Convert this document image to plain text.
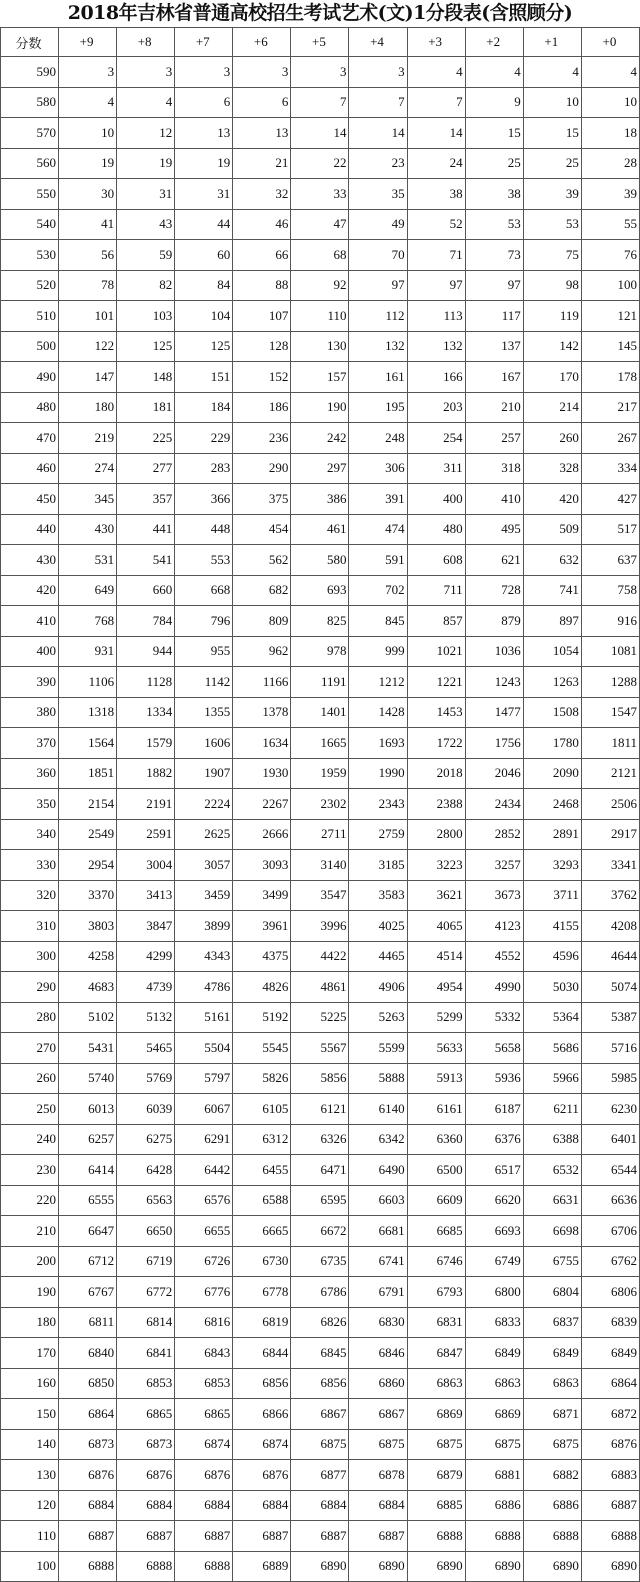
2018年吉林省普通高校招生考试艺术(文)1分段表(含照顾分)
分数	+9	+8	+7	+6	+5	+4	+3	+2	+1	+0
590	3	3	3	3	3	3	4	4	4	4
580	4	4	6	6	7	7	7	9	10	10
570	10	12	13	13	14	14	14	15	15	18
560	19	19	19	21	22	23	24	25	25	28
550	30	31	31	32	33	35	38	38	39	39
540	41	43	44	46	47	49	52	53	53	55
530	56	59	60	66	68	70	71	73	75	76
520	78	82	84	88	92	97	97	97	98	100
510	101	103	104	107	110	112	113	117	119	121
500	122	125	125	128	130	132	132	137	142	145
490	147	148	151	152	157	161	166	167	170	178
480	180	181	184	186	190	195	203	210	214	217
470	219	225	229	236	242	248	254	257	260	267
460	274	277	283	290	297	306	311	318	328	334
450	345	357	366	375	386	391	400	410	420	427
440	430	441	448	454	461	474	480	495	509	517
430	531	541	553	562	580	591	608	621	632	637
420	649	660	668	682	693	702	711	728	741	758
410	768	784	796	809	825	845	857	879	897	916
400	931	944	955	962	978	999	1021	1036	1054	1081
390	1106	1128	1142	1166	1191	1212	1221	1243	1263	1288
380	1318	1334	1355	1378	1401	1428	1453	1477	1508	1547
370	1564	1579	1606	1634	1665	1693	1722	1756	1780	1811
360	1851	1882	1907	1930	1959	1990	2018	2046	2090	2121
350	2154	2191	2224	2267	2302	2343	2388	2434	2468	2506
340	2549	2591	2625	2666	2711	2759	2800	2852	2891	2917
330	2954	3004	3057	3093	3140	3185	3223	3257	3293	3341
320	3370	3413	3459	3499	3547	3583	3621	3673	3711	3762
310	3803	3847	3899	3961	3996	4025	4065	4123	4155	4208
300	4258	4299	4343	4375	4422	4465	4514	4552	4596	4644
290	4683	4739	4786	4826	4861	4906	4954	4990	5030	5074
280	5102	5132	5161	5192	5225	5263	5299	5332	5364	5387
270	5431	5465	5504	5545	5567	5599	5633	5658	5686	5716
260	5740	5769	5797	5826	5856	5888	5913	5936	5966	5985
250	6013	6039	6067	6105	6121	6140	6161	6187	6211	6230
240	6257	6275	6291	6312	6326	6342	6360	6376	6388	6401
230	6414	6428	6442	6455	6471	6490	6500	6517	6532	6544
220	6555	6563	6576	6588	6595	6603	6609	6620	6631	6636
210	6647	6650	6655	6665	6672	6681	6685	6693	6698	6706
200	6712	6719	6726	6730	6735	6741	6746	6749	6755	6762
190	6767	6772	6776	6778	6786	6791	6793	6800	6804	6806
180	6811	6814	6816	6819	6826	6830	6831	6833	6837	6839
170	6840	6841	6843	6844	6845	6846	6847	6849	6849	6849
160	6850	6853	6853	6856	6856	6860	6863	6863	6863	6864
150	6864	6865	6865	6866	6867	6867	6869	6869	6871	6872
140	6873	6873	6874	6874	6875	6875	6875	6875	6875	6876
130	6876	6876	6876	6876	6877	6878	6879	6881	6882	6883
120	6884	6884	6884	6884	6884	6884	6885	6886	6886	6887
110	6887	6887	6887	6887	6887	6887	6888	6888	6888	6888
100	6888	6888	6888	6889	6890	6890	6890	6890	6890	6890
